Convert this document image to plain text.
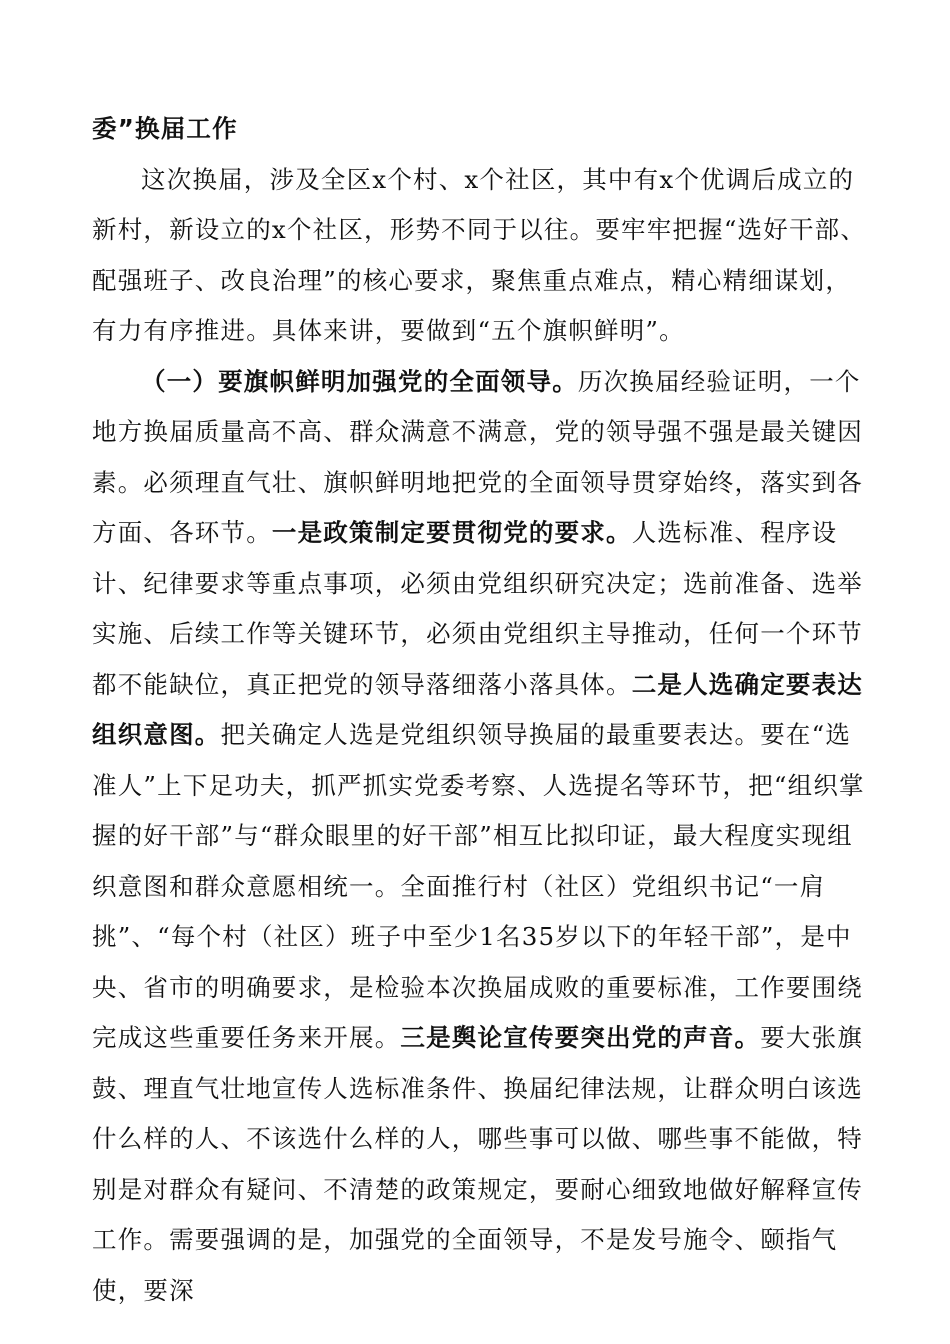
委”换届工作

这次换届，涉及全区x个村、x个社区，其中有x个优调后成立的新村，新设立的x个社区，形势不同于以往。要牢牢把握“选好干部、配强班子、改良治理”的核心要求，聚焦重点难点，精心精细谋划，有力有序推进。具体来讲，要做到“五个旗帜鲜明”。

（一）要旗帜鲜明加强党的全面领导。历次换届经验证明，一个地方换届质量高不高、群众满意不满意，党的领导强不强是最关键因素。必须理直气壮、旗帜鲜明地把党的全面领导贯穿始终，落实到各方面、各环节。一是政策制定要贯彻党的要求。人选标准、程序设计、纪律要求等重点事项，必须由党组织研究决定；选前准备、选举实施、后续工作等关键环节，必须由党组织主导推动，任何一个环节都不能缺位，真正把党的领导落细落小落具体。二是人选确定要表达组织意图。把关确定人选是党组织领导换届的最重要表达。要在“选准人”上下足功夫，抓严抓实党委考察、人选提名等环节，把“组织掌握的好干部”与“群众眼里的好干部”相互比拟印证，最大程度实现组织意图和群众意愿相统一。全面推行村（社区）党组织书记“一肩挑”、“每个村（社区）班子中至少1名35岁以下的年轻干部”，是中央、省市的明确要求，是检验本次换届成败的重要标准，工作要围绕完成这些重要任务来开展。三是舆论宣传要突出党的声音。要大张旗鼓、理直气壮地宣传人选标准条件、换届纪律法规，让群众明白该选什么样的人、不该选什么样的人，哪些事可以做、哪些事不能做，特别是对群众有疑问、不清楚的政策规定，要耐心细致地做好解释宣传工作。需要强调的是，加强党的全面领导，不是发号施令、颐指气使，要深
